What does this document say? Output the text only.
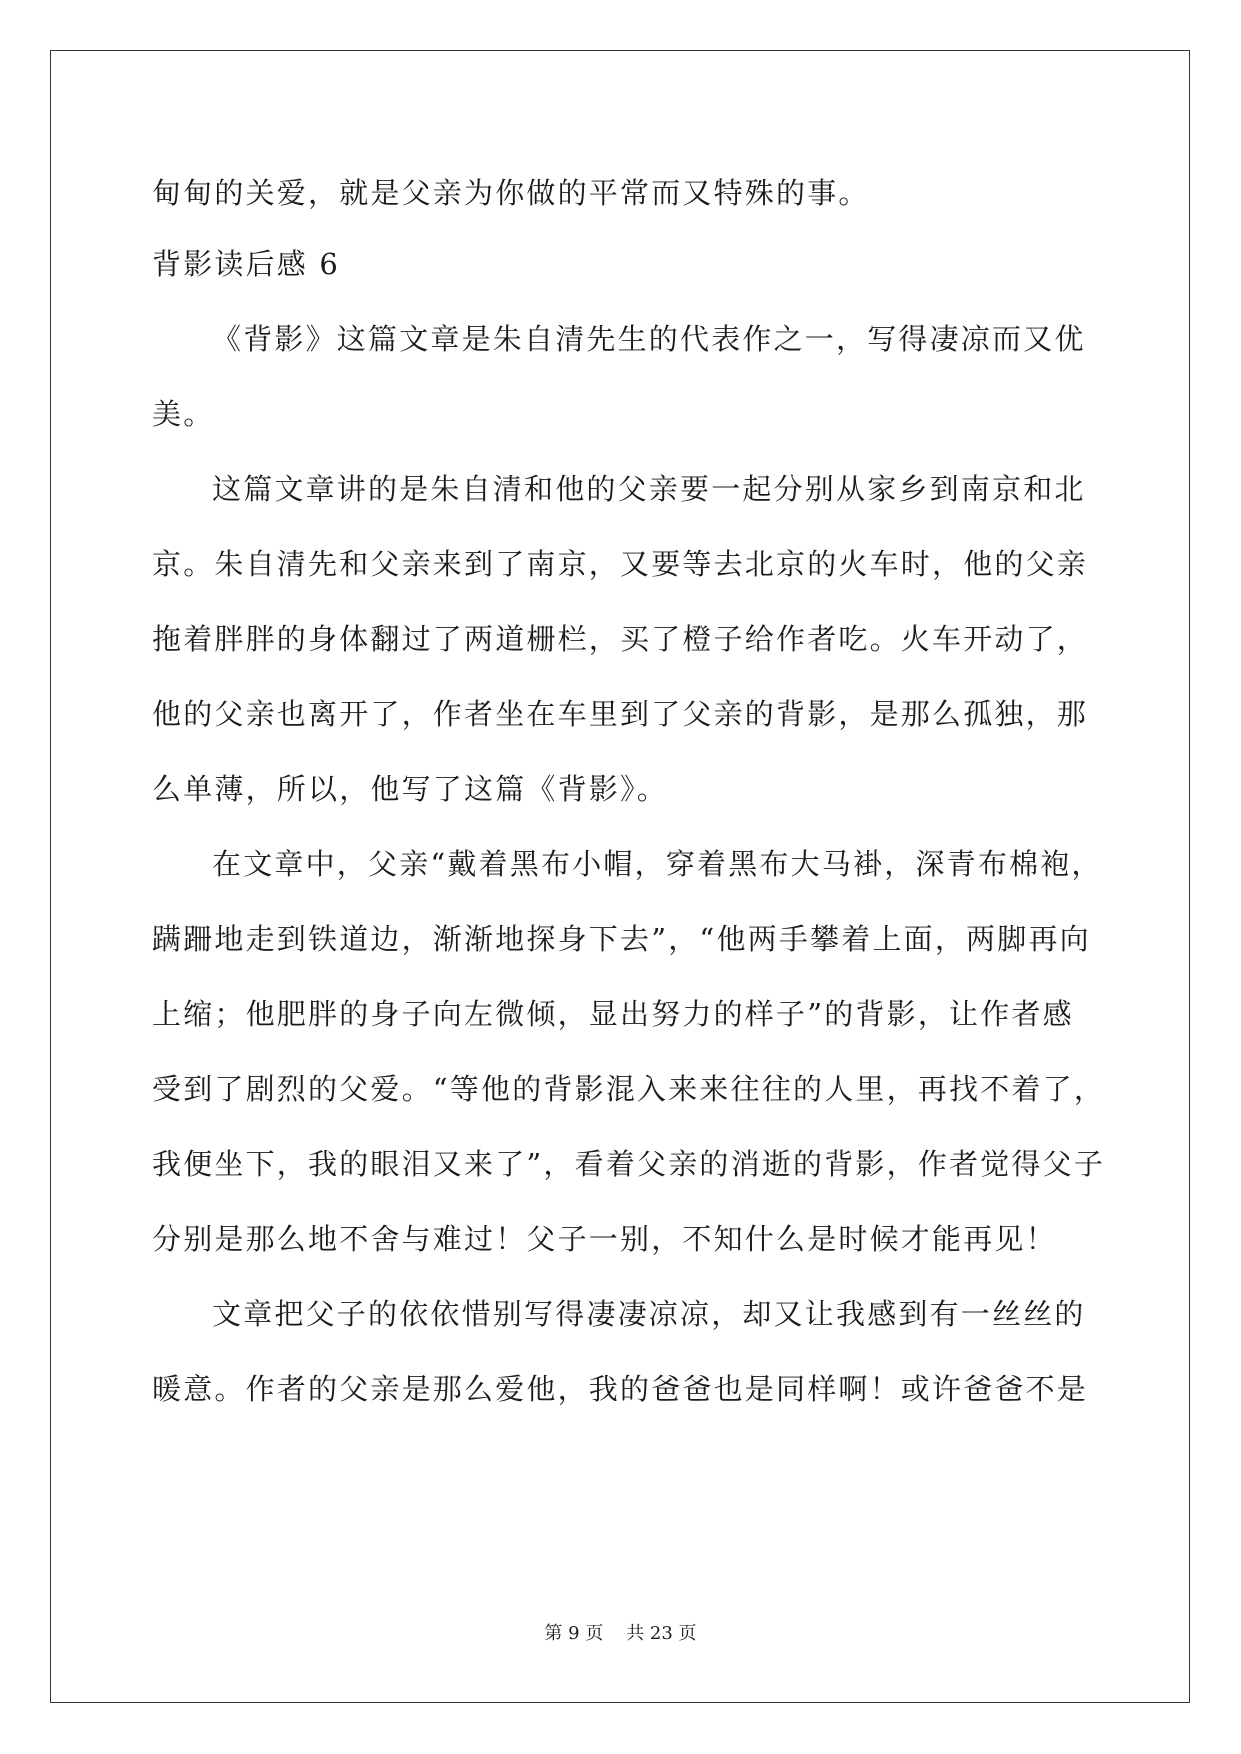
甸甸的关爱，就是父亲为你做的平常而又特殊的事。
背影读后感 6
《背影》这篇文章是朱自清先生的代表作之一，写得凄凉而又优
美。
这篇文章讲的是朱自清和他的父亲要一起分别从家乡到南京和北
京。朱自清先和父亲来到了南京，又要等去北京的火车时，他的父亲
拖着胖胖的身体翻过了两道栅栏，买了橙子给作者吃。火车开动了，
他的父亲也离开了，作者坐在车里到了父亲的背影，是那么孤独，那
么单薄，所以，他写了这篇《背影》。
在文章中，父亲“戴着黑布小帽，穿着黑布大马褂，深青布棉袍，
蹒跚地走到铁道边，渐渐地探身下去”，“他两手攀着上面，两脚再向
上缩；他肥胖的身子向左微倾，显出努力的样子”的背影，让作者感
受到了剧烈的父爱。“等他的背影混入来来往往的人里，再找不着了，
我便坐下，我的眼泪又来了”，看着父亲的消逝的背影，作者觉得父子
分别是那么地不舍与难过！父子一别，不知什么是时候才能再见！
文章把父子的依依惜别写得凄凄凉凉，却又让我感到有一丝丝的
暖意。作者的父亲是那么爱他，我的爸爸也是同样啊！或许爸爸不是
第 9 页    共 23 页
